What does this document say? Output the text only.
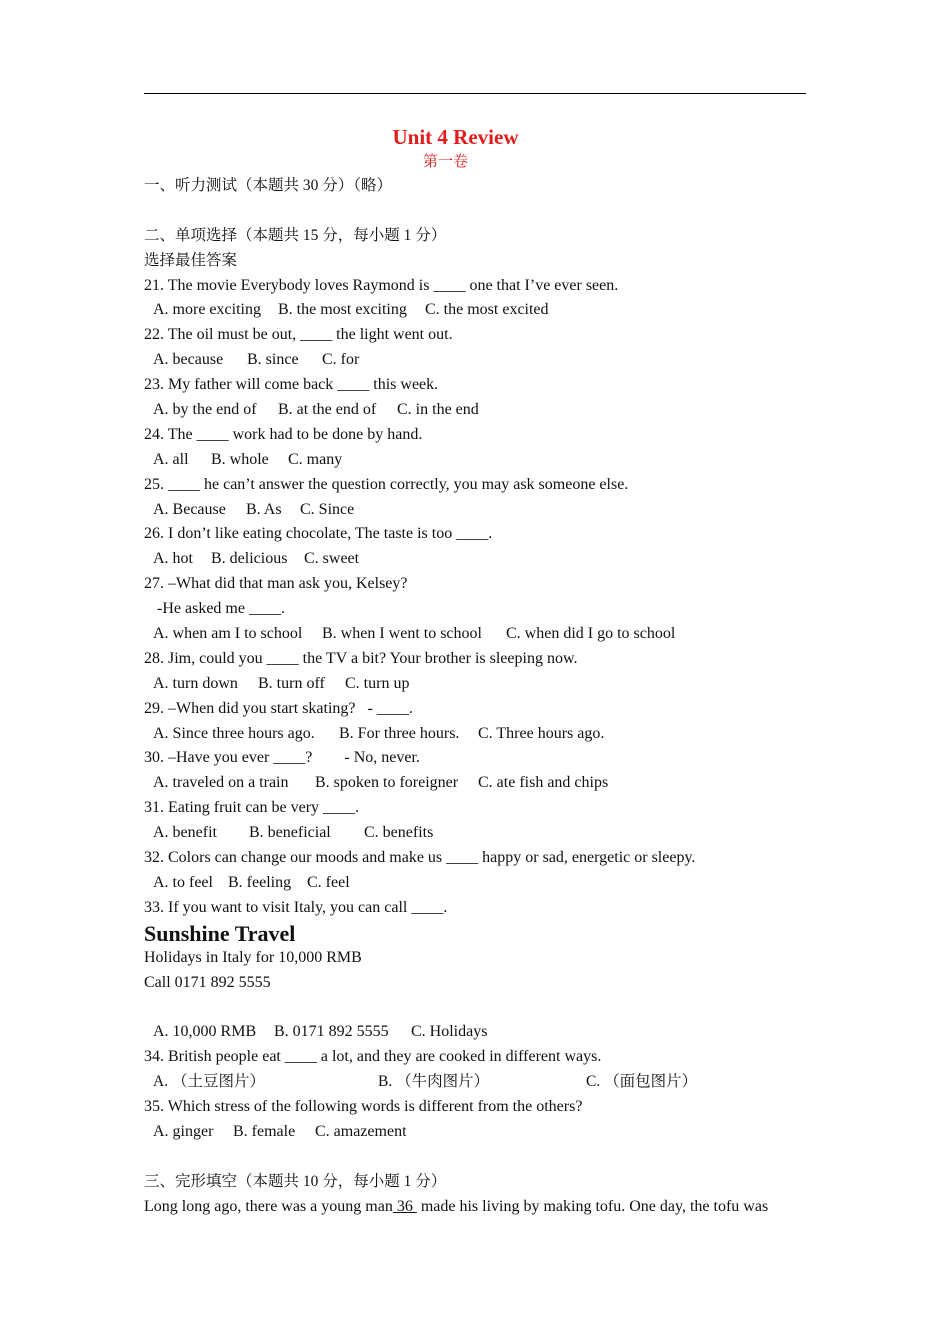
Unit 4 Review
第一卷
一、听力测试（本题共 30 分）（略）
二、单项选择（本题共 15 分，每小题 1 分）
选择最佳答案
21. The movie Everybody loves Raymond is ____ one that I’ve ever seen.
A. more exciting B. the most exciting C. the most excited
22. The oil must be out, ____ the light went out.
A. because B. since C. for
23. My father will come back ____ this week.
A. by the end of B. at the end of C. in the end
24. The ____ work had to be done by hand.
A. all B. whole C. many
25. ____ he can’t answer the question correctly, you may ask someone else.
A. Because B. As C. Since
26. I don’t like eating chocolate, The taste is too ____.
A. hot B. delicious C. sweet
27. –What did that man ask you, Kelsey?
-He asked me ____.
A. when am I to school B. when I went to school C. when did I go to school
28. Jim, could you ____ the TV a bit? Your brother is sleeping now.
A. turn down B. turn off C. turn up
29. –When did you start skating?   - ____.
A. Since three hours ago. B. For three hours. C. Three hours ago.
30. –Have you ever ____?        - No, never.
A. traveled on a train B. spoken to foreigner C. ate fish and chips
31. Eating fruit can be very ____.
A. benefit B. beneficial C. benefits
32. Colors can change our moods and make us ____ happy or sad, energetic or sleepy.
A. to feel B. feeling C. feel
33. If you want to visit Italy, you can call ____.
Sunshine Travel
Holidays in Italy for 10,000 RMB
Call 0171 892 5555
A. 10,000 RMB B. 0171 892 5555 C. Holidays
34. British people eat ____ a lot, and they are cooked in different ways.
A. （土豆图片）	B. （牛肉图片）	C. （面包图片）
35. Which stress of the following words is different from the others?
A. ginger B. female C. amazement
三、完形填空（本题共 10 分，每小题 1 分）
Long long ago, there was a young man 36  made his living by making tofu. One day, the tofu was
